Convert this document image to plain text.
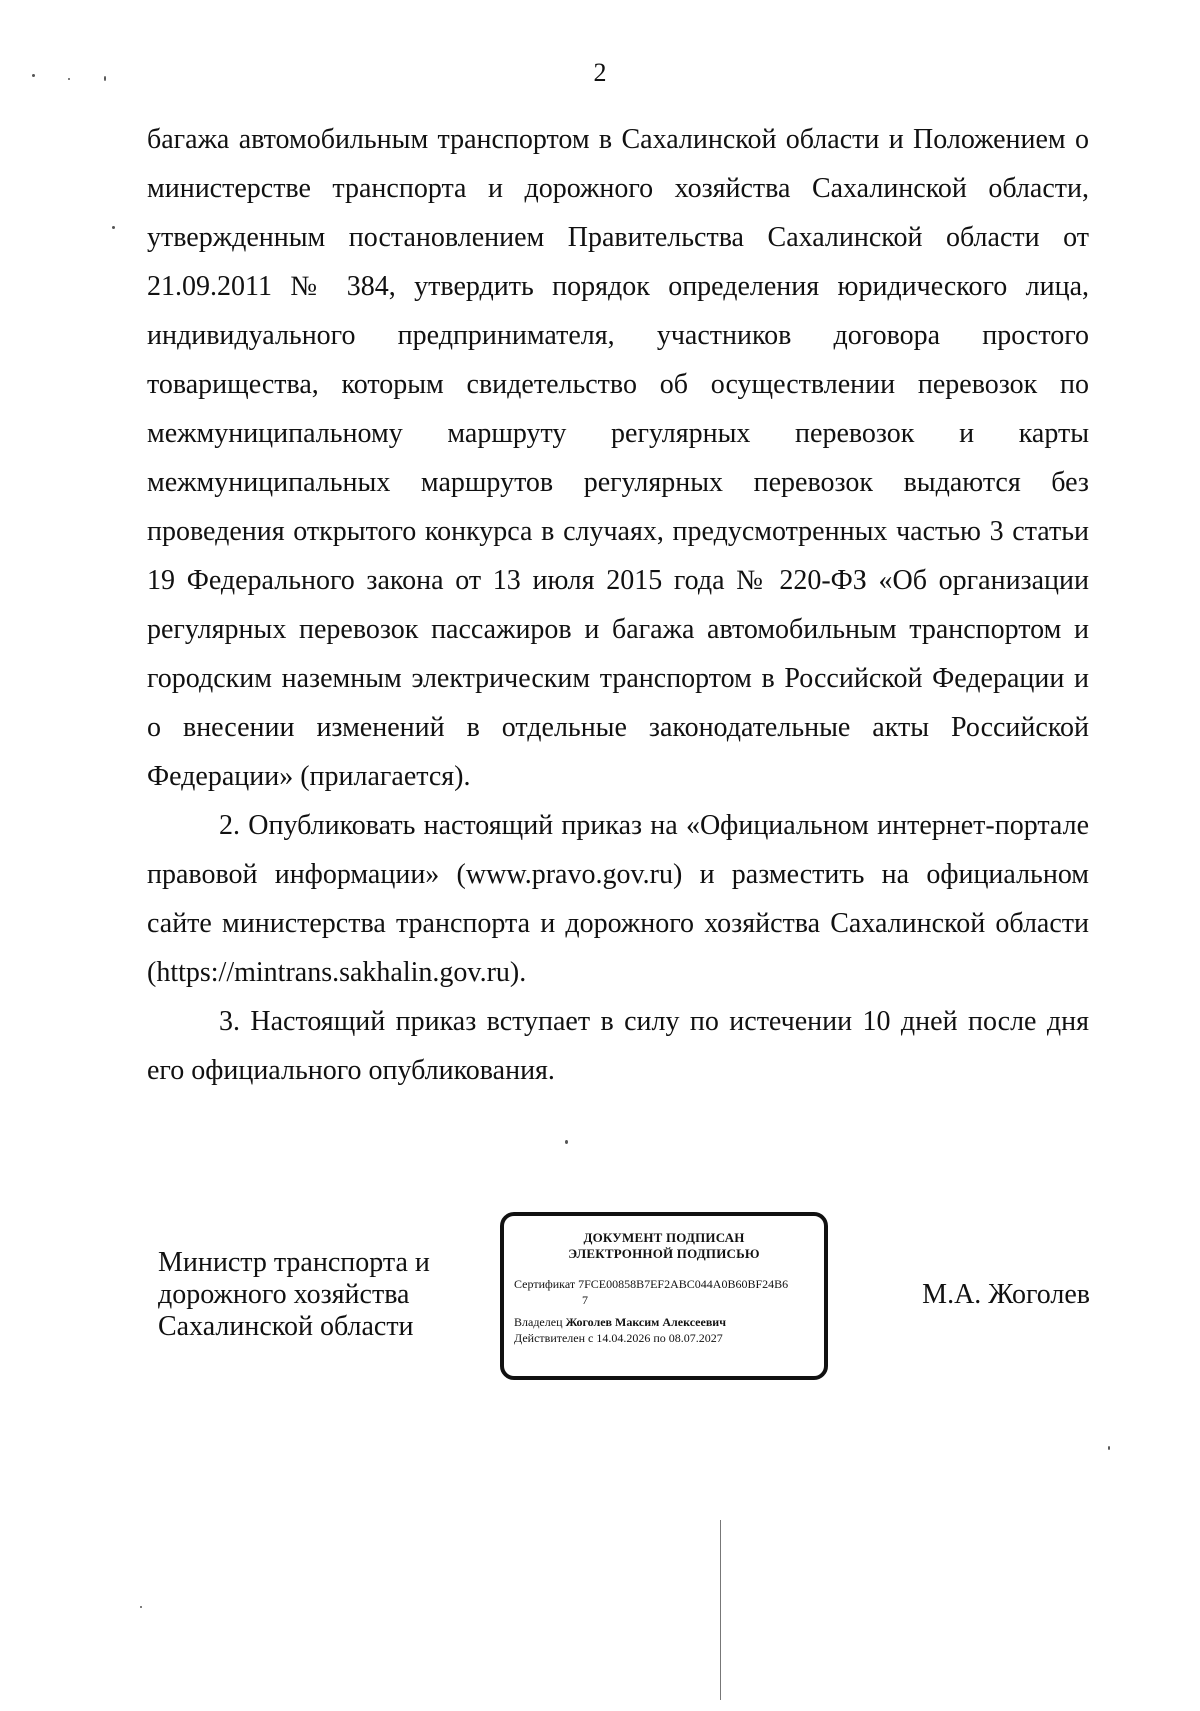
2

багажа автомобильным транспортом в Сахалинской области и Положением о министерстве транспорта и дорожного хозяйства Сахалинской области, утвержденным постановлением Правительства Сахалинской области от 21.09.2011 № 384, утвердить порядок определения юридического лица, индивидуального предпринимателя, участников договора простого товарищества, которым свидетельство об осуществлении перевозок по межмуниципальному маршруту регулярных перевозок и карты межмуниципальных маршрутов регулярных перевозок выдаются без проведения открытого конкурса в случаях, предусмотренных частью 3 статьи 19 Федерального закона от 13 июля 2015 года № 220-ФЗ «Об организации регулярных перевозок пассажиров и багажа автомобильным транспортом и городским наземным электрическим транспортом в Российской Федерации и о внесении изменений в отдельные законодательные акты Российской Федерации» (прилагается).

2. Опубликовать настоящий приказ на «Официальном интернет-портале правовой информации» (www.pravo.gov.ru) и разместить на официальном сайте министерства транспорта и дорожного хозяйства Сахалинской области (https://mintrans.sakhalin.gov.ru).

3. Настоящий приказ вступает в силу по истечении 10 дней после дня его официального опубликования.

Министр транспорта и
дорожного хозяйства
Сахалинской области
ДОКУМЕНТ ПОДПИСАН
ЭЛЕКТРОННОЙ ПОДПИСЬЮ
Сертификат 7FCE00858B7EF2ABC044A0B60BF24B6
7
Владелец Жоголев Максим Алексеевич
Действителен с 14.04.2026 по 08.07.2027
М.А. Жоголев
